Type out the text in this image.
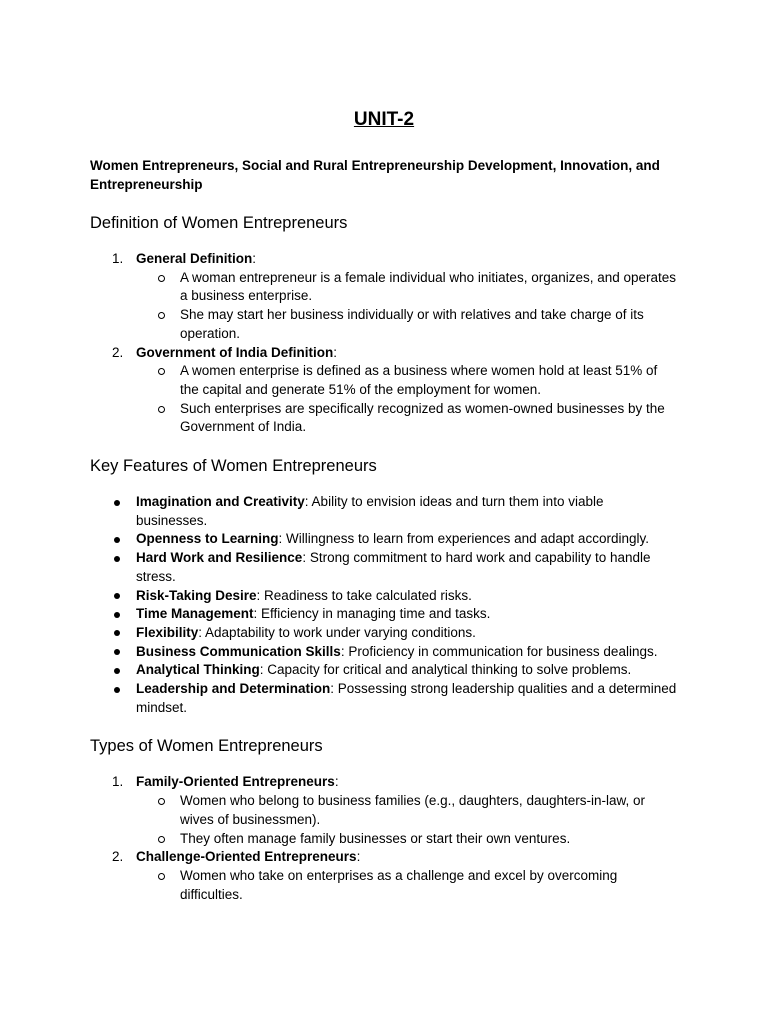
UNIT-2
Women Entrepreneurs, Social and Rural Entrepreneurship Development, Innovation, and Entrepreneurship
Definition of Women Entrepreneurs
1. General Definition:
A woman entrepreneur is a female individual who initiates, organizes, and operates a business enterprise.
She may start her business individually or with relatives and take charge of its operation.
2. Government of India Definition:
A women enterprise is defined as a business where women hold at least 51% of the capital and generate 51% of the employment for women.
Such enterprises are specifically recognized as women-owned businesses by the Government of India.
Key Features of Women Entrepreneurs
Imagination and Creativity: Ability to envision ideas and turn them into viable businesses.
Openness to Learning: Willingness to learn from experiences and adapt accordingly.
Hard Work and Resilience: Strong commitment to hard work and capability to handle stress.
Risk-Taking Desire: Readiness to take calculated risks.
Time Management: Efficiency in managing time and tasks.
Flexibility: Adaptability to work under varying conditions.
Business Communication Skills: Proficiency in communication for business dealings.
Analytical Thinking: Capacity for critical and analytical thinking to solve problems.
Leadership and Determination: Possessing strong leadership qualities and a determined mindset.
Types of Women Entrepreneurs
1. Family-Oriented Entrepreneurs:
Women who belong to business families (e.g., daughters, daughters-in-law, or wives of businessmen).
They often manage family businesses or start their own ventures.
2. Challenge-Oriented Entrepreneurs:
Women who take on enterprises as a challenge and excel by overcoming difficulties.
